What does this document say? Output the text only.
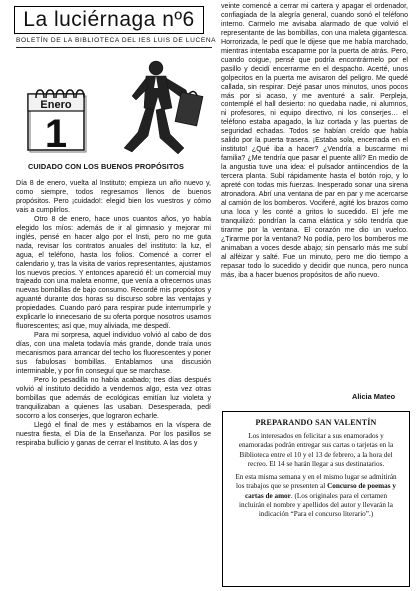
La luciérnaga nº6
BOLETÍN DE LA BIBLIOTECA DEL IES LUIS DE LUCENA
Enero
1
CUIDADO CON LOS BUENOS PROPÓSITOS

Día 8 de enero, vuelta al Instituto; empieza un año nuevo y, como siempre, todos regresamos llenos de buenos propósitos. Pero ¡cuidado!: elegid bien los vuestros y cómo vais a cumplirlos.

Otro 8 de enero, hace unos cuantos años, yo había elegido los míos: además de ir al gimnasio y mejorar mi inglés, pensé en hacer algo por el Insti, pero no me guta nada, revisar los contratos anuales del instituto: la luz, el agua, el teléfono, hasta los folios. Comencé a correr el calendario y, tras la visita de varios representantes, ajustamos los nuevos precios. Y entonces apareció él: un comercial muy trajeado con una maleta enorme, que venía a ofrecernos unas nuevas bombillas de bajo consumo. Recordé mis propósitos y aguanté durante dos horas su discurso sobre las ventajas y propiedades. Cuando paró para respirar pude interrumpirle y explicarle lo innecesario de su oferta porque nosotros usamos fluorescentes; así que, muy aliviada, me despedí.

Para mi sorpresa, aquel individuo volvió al cabo de dos días, con una maleta todavía más grande, donde traía unos mecanismos para arrancar del techo los fluorescentes y poner sus fabulosas bombillas. Entablamos una discusión interminable, y por fin conseguí que se marchase.

Pero lo pesadilla no había acabado; tres días después volvió al instituto decidido a vendernos algo, esta vez otras bombillas que además de ecológicas emitían luz violeta y tranquilizaban a quienes las usaban. Desesperada, pedí socorro a los conserjes, que lograron echarle.

Llegó el final de mes y estábamos en la víspera de nuestra fiesta, el Día de la Enseñanza. Por los pasillos se respiraba bullicio y ganas de cerrar el Instituto. A las dos y

veinte comencé a cerrar mi cartera y apagar el ordenador, confiagiada de la alegría general, cuando sonó el teléfono interno. Carmelo me avisaba alarmado de que volvió el representante de las bombillas, con una maleta gigantesca. Horrorizada, le pedí que le dijese que me había marchado, mientras intentaba escaparme por la puerta de atrás. Pero, cuando coigue, pensé que podría encontrármelo por el pasillo y decidí encerrarme en el despacho. Acerté, unos golpecitos en la puerta me avisaron del peligro. Me quedé callada, sin respirar. Dejé pasar unos minutos, unos pocos más por si acaso, y me aventuré a salir. Perpleja, contemplé el hall desierto: no quedaba nadie, ni alumnos, ni profesores, ni equipo directivo, ni los conserjes… el teléfono estaba apagado, la luz cortada y las puertas de seguridad echadas. Todos se habían creído que había salido por la puerta trasera. ¡Estaba sola, encerrada en el instituto! ¿Qué iba a hacer? ¿Vendría a buscarme mi familia? ¿Me tendría que pasar el puente allí? En medio de la angustia tuve una idea: el pulsador antiincendios de la tercera planta. Subí rápidamente hasta el botón rojo, y lo apreté con todas mis fuerzas. Inesperado sonar una sirena atronadora. Abrí una ventana de par en par y me acercarse al camión de los bomberos. Vociferé, agité los brazos como una loca y les conté a gritos lo sucedido. El jefe me tranquilizó: pondrían la cama elástica y sólo tendría que tirarme por la ventana. El corazón me dio un vuelco. ¿Tirarme por la ventana? No podía, pero los bomberos me animaban a voces desde abajo; sin pensarlo más me subí al alféizar y salté. Fue un minuto, pero me dio tiempo a repasar todo lo sucedido y decidir que nunca, pero nunca más, iba a hacer buenos propósitos de año nuevo.

Alicia Mateo
PREPARANDO SAN VALENTÍN

Los interesados en felicitar a sus enamorados y enamoradas podrán entregar sus cartas o tarjetas en la Biblioteca entre el 10 y el 13 de febrero, a la hora del recreo. El 14 se harán llegar a sus destinatarios.

En esta misma semana y en el mismo lugar se admitirán los trabajos que se presenten al Concurso de poemas y cartas de amor. (Los originales para el certamen incluirán el nombre y apellidos del autor y llevarán la indicación “Para el concurso literario”.)
